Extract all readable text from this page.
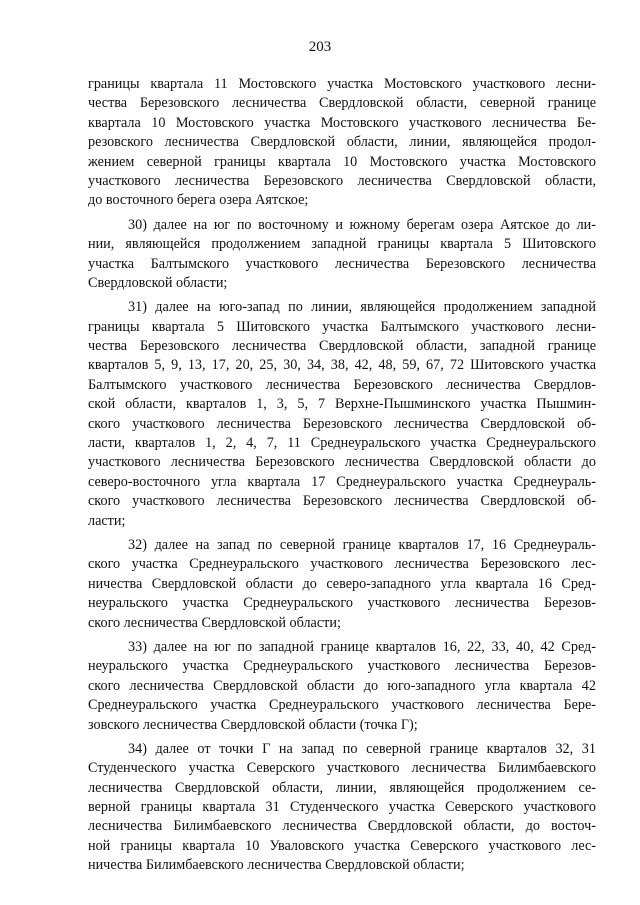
203
границы квартала 11 Мостовского участка Мостовского участкового лесни-
чества Березовского лесничества Свердловской области, северной границе
квартала 10 Мостовского участка Мостовского участкового лесничества Бе-
резовского лесничества Свердловской области, линии, являющейся продол-
жением северной границы квартала 10 Мостовского участка Мостовского
участкового лесничества Березовского лесничества Свердловской области,
до восточного берега озера Аятское;
30) далее на юг по восточному и южному берегам озера Аятское до ли-
нии, являющейся продолжением западной границы квартала 5 Шитовского
участка Балтымского участкового лесничества Березовского лесничества
Свердловской области;
31) далее на юго-запад по линии, являющейся продолжением западной
границы квартала 5 Шитовского участка Балтымского участкового лесни-
чества Березовского лесничества Свердловской области, западной границе
кварталов 5, 9, 13, 17, 20, 25, 30, 34, 38, 42, 48, 59, 67, 72 Шитовского участка
Балтымского участкового лесничества Березовского лесничества Свердлов-
ской области, кварталов 1, 3, 5, 7 Верхне-Пышминского участка Пышмин-
ского участкового лесничества Березовского лесничества Свердловской об-
ласти, кварталов 1, 2, 4, 7, 11 Среднеуральского участка Среднеуральского
участкового лесничества Березовского лесничества Свердловской области до
северо-восточного угла квартала 17 Среднеуральского участка Среднеураль-
ского участкового лесничества Березовского лесничества Свердловской об-
ласти;
32) далее на запад по северной границе кварталов 17, 16 Среднеураль-
ского участка Среднеуральского участкового лесничества Березовского лес-
ничества Свердловской области до северо-западного угла квартала 16 Сред-
неуральского участка Среднеуральского участкового лесничества Березов-
ского лесничества Свердловской области;
33) далее на юг по западной границе кварталов 16, 22, 33, 40, 42 Сред-
неуральского участка Среднеуральского участкового лесничества Березов-
ского лесничества Свердловской области до юго-западного угла квартала 42
Среднеуральского участка Среднеуральского участкового лесничества Бере-
зовского лесничества Свердловской области (точка Г);
34) далее от точки Г на запад по северной границе кварталов 32, 31
Студенческого участка Северского участкового лесничества Билимбаевского
лесничества Свердловской области, линии, являющейся продолжением се-
верной границы квартала 31 Студенческого участка Северского участкового
лесничества Билимбаевского лесничества Свердловской области, до восточ-
ной границы квартала 10 Уваловского участка Северского участкового лес-
ничества Билимбаевского лесничества Свердловской области;
